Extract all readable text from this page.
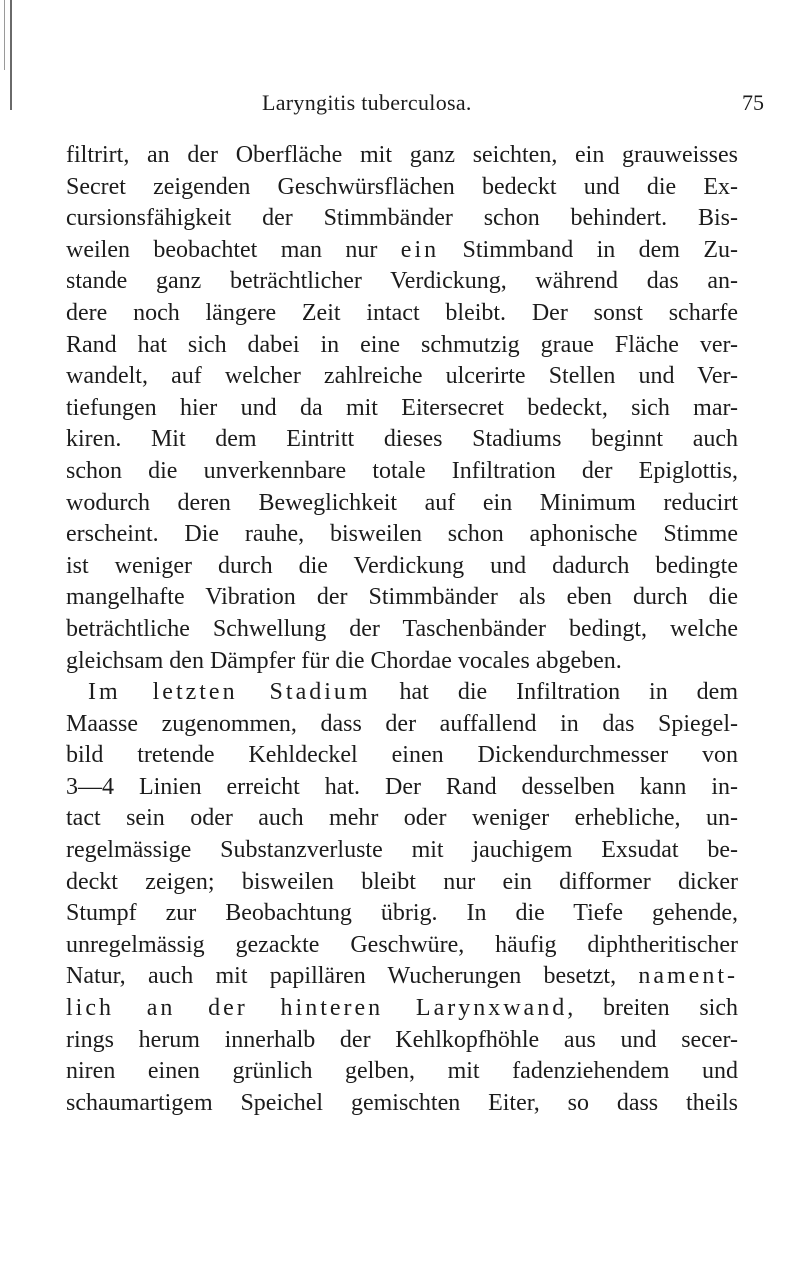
Laryngitis tuberculosa.	75
filtrirt, an der Oberfläche mit ganz seichten, ein grauweisses
Secret zeigenden Geschwürsflächen bedeckt und die Ex-
cursionsfähigkeit der Stimmbänder schon behindert. Bis-
weilen beobachtet man nur ein Stimmband in dem Zu-
stande ganz beträchtlicher Verdickung, während das an-
dere noch längere Zeit intact bleibt. Der sonst scharfe
Rand hat sich dabei in eine schmutzig graue Fläche ver-
wandelt, auf welcher zahlreiche ulcerirte Stellen und Ver-
tiefungen hier und da mit Eitersecret bedeckt, sich mar-
kiren. Mit dem Eintritt dieses Stadiums beginnt auch
schon die unverkennbare totale Infiltration der Epiglottis,
wodurch deren Beweglichkeit auf ein Minimum reducirt
erscheint. Die rauhe, bisweilen schon aphonische Stimme
ist weniger durch die Verdickung und dadurch bedingte
mangelhafte Vibration der Stimmbänder als eben durch die
beträchtliche Schwellung der Taschenbänder bedingt, welche
gleichsam den Dämpfer für die Chordae vocales abgeben.
Im letzten Stadium hat die Infiltration in dem
Maasse zugenommen, dass der auffallend in das Spiegel-
bild tretende Kehldeckel einen Dickendurchmesser von
3—4 Linien erreicht hat. Der Rand desselben kann in-
tact sein oder auch mehr oder weniger erhebliche, un-
regelmässige Substanzverluste mit jauchigem Exsudat be-
deckt zeigen; bisweilen bleibt nur ein difformer dicker
Stumpf zur Beobachtung übrig. In die Tiefe gehende,
unregelmässig gezackte Geschwüre, häufig diphtheritischer
Natur, auch mit papillären Wucherungen besetzt, nament-
lich an der hinteren Larynxwand, breiten sich
rings herum innerhalb der Kehlkopfhöhle aus und secer-
niren einen grünlich gelben, mit fadenziehendem und
schaumartigem Speichel gemischten Eiter, so dass theils
